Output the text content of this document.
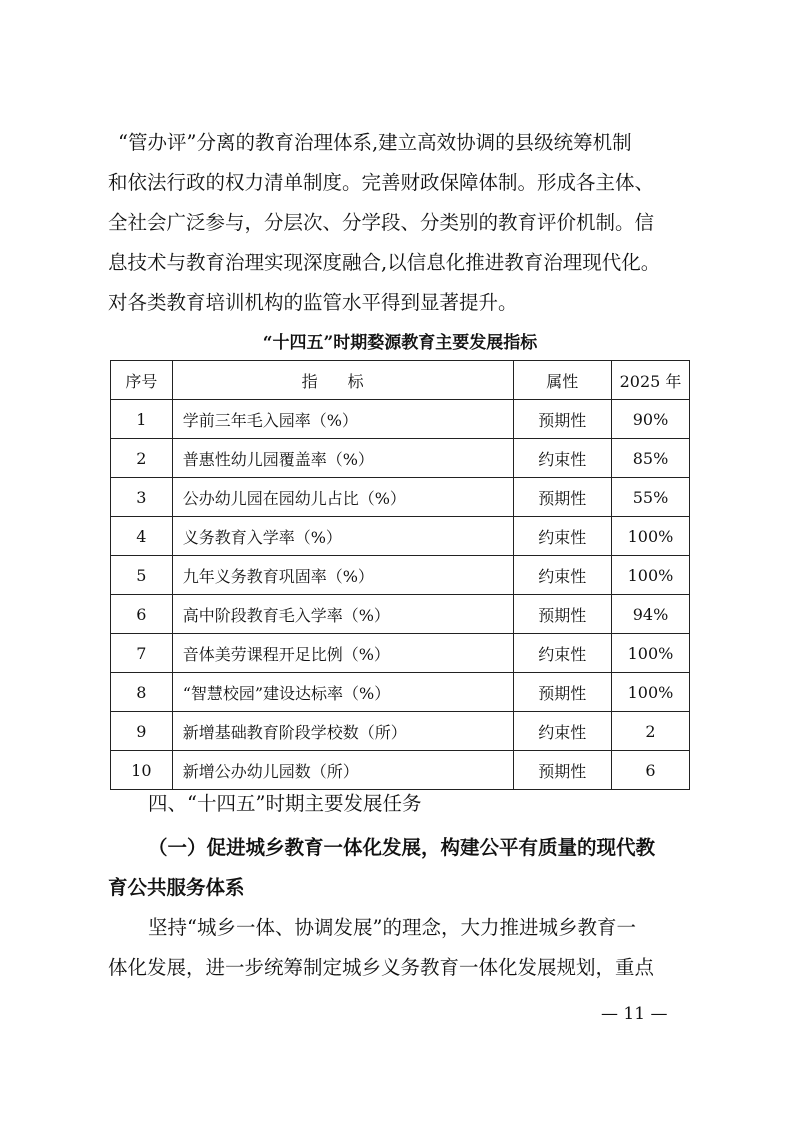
“管办评”分离的教育治理体系,建立高效协调的县级统筹机制
和依法行政的权力清单制度。完善财政保障体制。形成各主体、
全社会广泛参与，分层次、分学段、分类别的教育评价机制。信
息技术与教育治理实现深度融合,以信息化推进教育治理现代化。
对各类教育培训机构的监管水平得到显著提升。
“十四五”时期婺源教育主要发展指标
序号	指标	属性	2025 年
1	学前三年毛入园率（%）	预期性	90%
2	普惠性幼儿园覆盖率（%）	约束性	85%
3	公办幼儿园在园幼儿占比（%）	预期性	55%
4	义务教育入学率（%）	约束性	100%
5	九年义务教育巩固率（%）	约束性	100%
6	高中阶段教育毛入学率（%）	预期性	94%
7	音体美劳课程开足比例（%）	约束性	100%
8	“智慧校园”建设达标率（%）	预期性	100%
9	新增基础教育阶段学校数（所）	约束性	2
10	新增公办幼儿园数（所）	预期性	6
四、“十四五”时期主要发展任务
（一）促进城乡教育一体化发展，构建公平有质量的现代教
育公共服务体系
坚持“城乡一体、协调发展”的理念，大力推进城乡教育一
体化发展，进一步统筹制定城乡义务教育一体化发展规划，重点
— 11 —
